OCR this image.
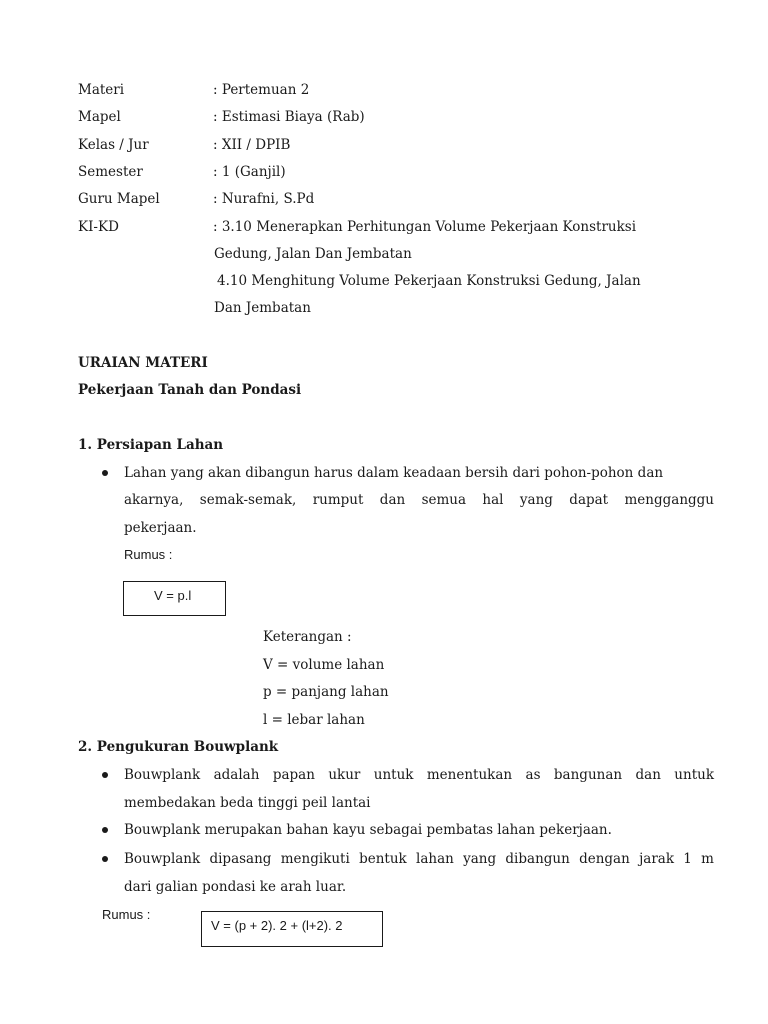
Materi	: Pertemuan 2
Mapel	: Estimasi Biaya (Rab)
Kelas / Jur	: XII / DPIB
Semester	: 1 (Ganjil)
Guru Mapel	: Nurafni, S.Pd
KI-KD	: 3.10 Menerapkan Perhitungan Volume Pekerjaan Konstruksi
Gedung, Jalan Dan Jembatan
4.10 Menghitung Volume Pekerjaan Konstruksi Gedung, Jalan
Dan Jembatan
URAIAN MATERI
Pekerjaan Tanah dan Pondasi
1. Persiapan Lahan
Lahan yang akan dibangun harus dalam keadaan bersih dari pohon-pohon dan
akarnya, semak-semak, rumput dan semua hal yang dapat mengganggu
pekerjaan.
Rumus :
V = p.l
Keterangan :
V = volume lahan
p = panjang lahan
l = lebar lahan
2. Pengukuran Bouwplank
Bouwplank adalah papan ukur untuk menentukan as bangunan dan untuk
membedakan beda tinggi peil lantai
Bouwplank merupakan bahan kayu sebagai pembatas lahan pekerjaan.
Bouwplank dipasang mengikuti bentuk lahan yang dibangun dengan jarak 1 m
dari galian pondasi ke arah luar.
Rumus :
V = (p + 2). 2 + (l+2). 2
